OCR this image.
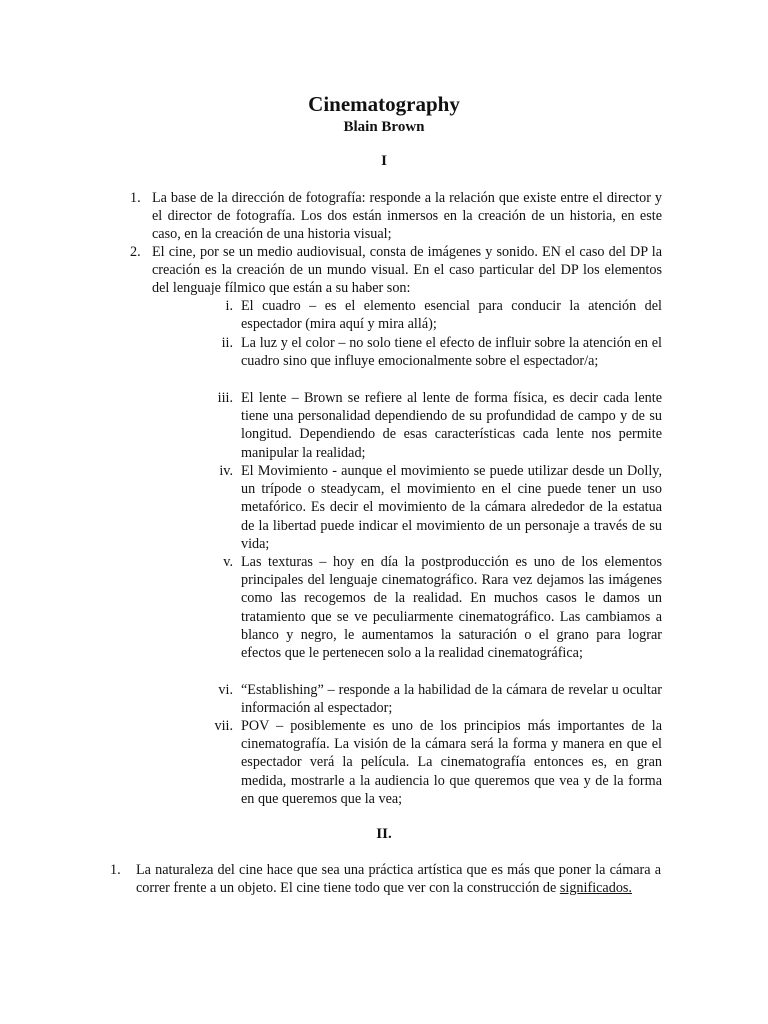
Cinematography
Blain Brown
I
1. La base de la dirección de fotografía: responde a la relación que existe entre el director y el director de fotografía. Los dos están inmersos en la creación de un historia, en este caso, en la creación de una historia visual;
2. El cine, por se un medio audiovisual, consta de imágenes y sonido. EN el caso del DP la creación es la creación de un mundo visual. En el caso particular del DP los elementos del lenguaje fílmico que están a su haber son:
i. El cuadro – es el elemento esencial para conducir la atención del espectador (mira aquí y mira allá);
ii. La luz y el color – no solo tiene el efecto de influir sobre la atención en el cuadro sino que influye emocionalmente sobre el espectador/a;
iii. El lente – Brown se refiere al lente de forma física, es decir cada lente tiene una personalidad dependiendo de su profundidad de campo y de su longitud. Dependiendo de esas características cada lente nos permite manipular la realidad;
iv. El Movimiento - aunque el movimiento se puede utilizar desde un Dolly, un trípode o steadycam, el movimiento en el cine puede tener un uso metafórico. Es decir el movimiento de la cámara alrededor de la estatua de la libertad puede indicar el movimiento de un personaje a través de su vida;
v. Las texturas – hoy en día la postproducción es uno de los elementos principales del lenguaje cinematográfico. Rara vez dejamos las imágenes como las recogemos de la realidad. En muchos casos le damos un tratamiento que se ve peculiarmente cinematográfico. Las cambiamos a blanco y negro, le aumentamos la saturación o el grano para lograr efectos que le pertenecen solo a la realidad cinematográfica;
vi. “Establishing” – responde a la habilidad de la cámara de revelar u ocultar información al espectador;
vii. POV – posiblemente es uno de los principios más importantes de la cinematografía. La visión de la cámara será la forma y manera en que el espectador verá la película. La cinematografía entonces es, en gran medida, mostrarle a la audiencia lo que queremos que vea y de la forma en que queremos que la vea;
II.
1. La naturaleza del cine hace que sea una práctica artística que es más que poner la cámara a correr frente a un objeto. El cine tiene todo que ver con la construcción de significados.
